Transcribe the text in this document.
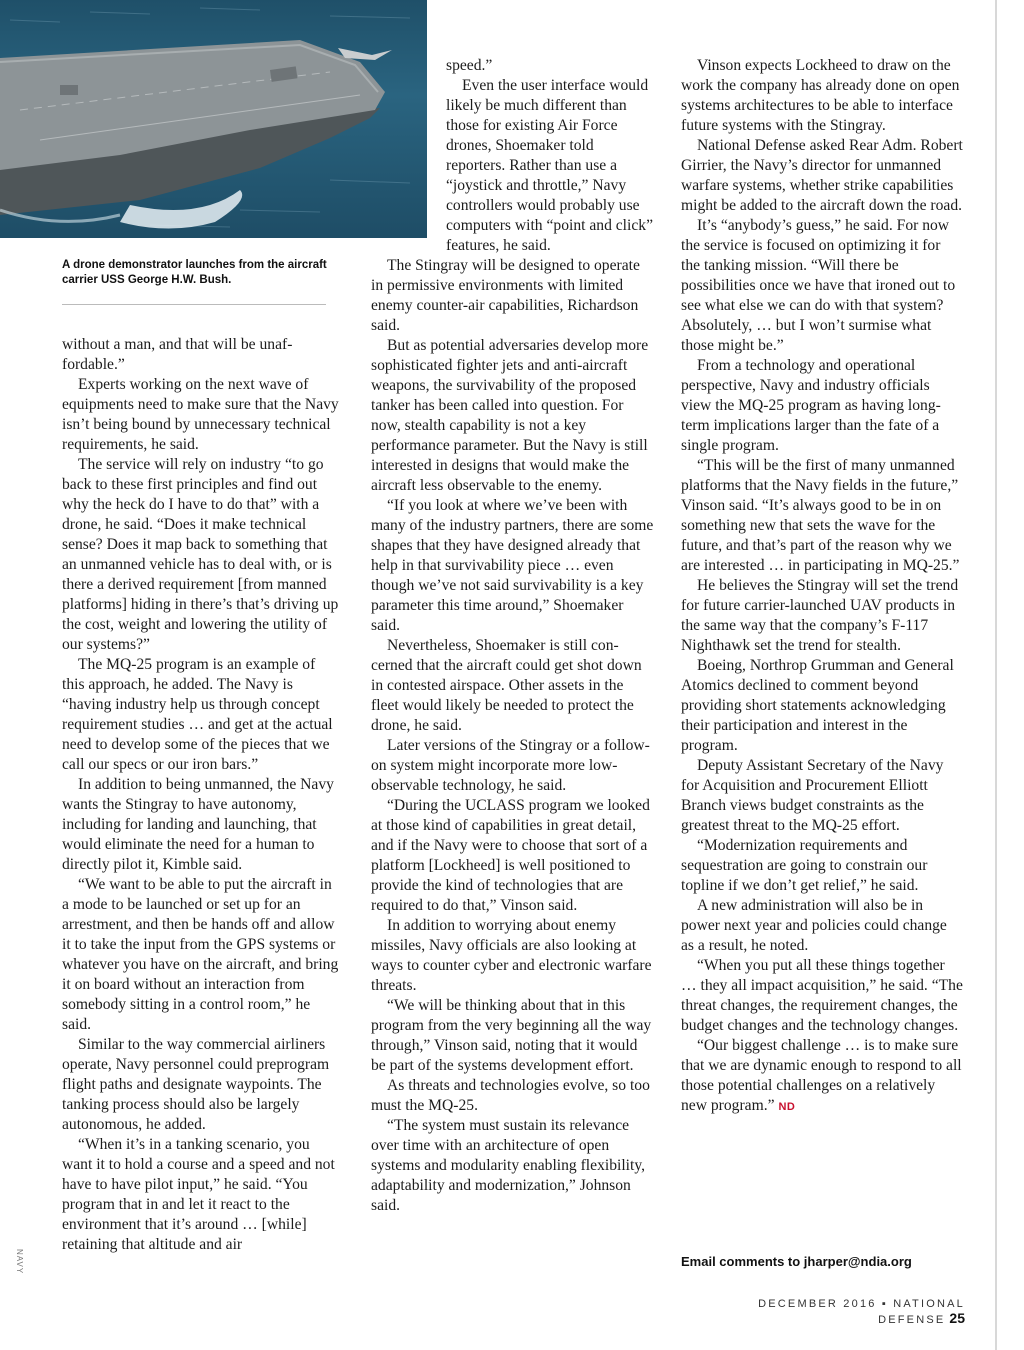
A drone demonstrator launches from the aircraft carrier USS George H.W. Bush.

without a man, and that will be unaffordable.”

Experts working on the next wave of equipments need to make sure that the Navy isn’t being bound by unnecessary technical requirements, he said.

The service will rely on industry “to go back to these first principles and find out why the heck do I have to do that” with a drone, he said. “Does it make technical sense? Does it map back to something that an unmanned vehicle has to deal with, or is there a derived requirement [from manned platforms] hiding in there’s that’s driving up the cost, weight and lowering the utility of our systems?”

The MQ-25 program is an example of this approach, he added. The Navy is “having industry help us through concept requirement studies … and get at the actual need to develop some of the pieces that we call our specs or our iron bars.”

In addition to being unmanned, the Navy wants the Stingray to have autonomy, including for landing and launching, that would eliminate the need for a human to directly pilot it, Kimble said.

“We want to be able to put the aircraft in a mode to be launched or set up for an arrestment, and then be hands off and allow it to take the input from the GPS systems or whatever you have on the aircraft, and bring it on board without an interaction from somebody sitting in a control room,” he said.

Similar to the way commercial airliners operate, Navy personnel could preprogram flight paths and designate waypoints. The tanking process should also be largely autonomous, he added.

“When it’s in a tanking scenario, you want it to hold a course and a speed and not have to have pilot input,” he said. “You program that in and let it react to the environment that it’s around … [while] retaining that altitude and air

speed.”

Even the user interface would likely be much different than those for existing Air Force drones, Shoemaker told reporters. Rather than use a “joystick and throttle,” Navy controllers would probably use computers with “point and click” features, he said.

The Stingray will be designed to operate in permissive environments with limited enemy counter-air capabilities, Richardson said.

But as potential adversaries develop more sophisticated fighter jets and anti-aircraft weapons, the survivability of the proposed tanker has been called into question. For now, stealth capability is not a key performance parameter. But the Navy is still interested in designs that would make the aircraft less observable to the enemy.

“If you look at where we’ve been with many of the industry partners, there are some shapes that they have designed already that help in that survivability piece … even though we’ve not said survivability is a key parameter this time around,” Shoemaker said.

Nevertheless, Shoemaker is still concerned that the aircraft could get shot down in contested airspace. Other assets in the fleet would likely be needed to protect the drone, he said.

Later versions of the Stingray or a follow-on system might incorporate more low-observable technology, he said.

“During the UCLASS program we looked at those kind of capabilities in great detail, and if the Navy were to choose that sort of a platform [Lockheed] is well positioned to provide the kind of technologies that are required to do that,” Vinson said.

In addition to worrying about enemy missiles, Navy officials are also looking at ways to counter cyber and electronic warfare threats.

“We will be thinking about that in this program from the very beginning all the way through,” Vinson said, noting that it would be part of the systems development effort.

As threats and technologies evolve, so too must the MQ-25.

“The system must sustain its relevance over time with an architecture of open systems and modularity enabling flexibility, adaptability and modernization,” Johnson said.

Vinson expects Lockheed to draw on the work the company has already done on open systems architectures to be able to interface future systems with the Stingray.

National Defense asked Rear Adm. Robert Girrier, the Navy’s director for unmanned warfare systems, whether strike capabilities might be added to the aircraft down the road.

It’s “anybody’s guess,” he said. For now the service is focused on optimizing it for the tanking mission. “Will there be possibilities once we have that ironed out to see what else we can do with that system? Absolutely, … but I won’t surmise what those might be.”

From a technology and operational perspective, Navy and industry officials view the MQ-25 program as having long-term implications larger than the fate of a single program.

“This will be the first of many unmanned platforms that the Navy fields in the future,” Vinson said. “It’s always good to be in on something new that sets the wave for the future, and that’s part of the reason why we are interested … in participating in MQ-25.”

He believes the Stingray will set the trend for future carrier-launched UAV products in the same way that the company’s F-117 Nighthawk set the trend for stealth.

Boeing, Northrop Grumman and General Atomics declined to comment beyond providing short statements acknowledging their participation and interest in the program.

Deputy Assistant Secretary of the Navy for Acquisition and Procurement Elliott Branch views budget constraints as the greatest threat to the MQ-25 effort.

“Modernization requirements and sequestration are going to constrain our topline if we don’t get relief,” he said.

A new administration will also be in power next year and policies could change as a result, he noted.

“When you put all these things together … they all impact acquisition,” he said. “The threat changes, the requirement changes, the budget changes and the technology changes.

“Our biggest challenge … is to make sure that we are dynamic enough to respond to all those potential challenges on a relatively new program.” ND

Email comments to jharper@ndia.org
NAVY
DECEMBER 2016 ▪ NATIONAL DEFENSE 25
